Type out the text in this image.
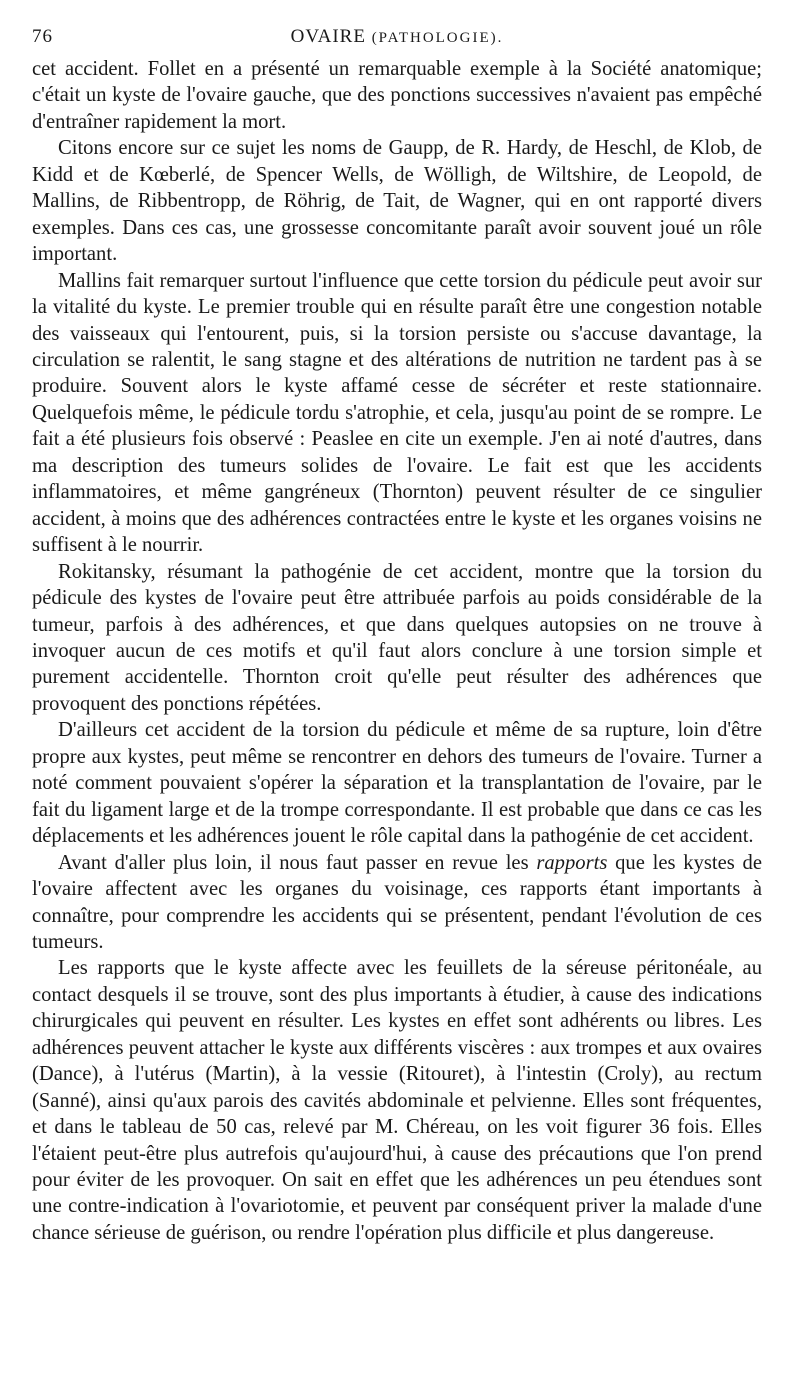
76	OVAIRE (PATHOLOGIE).

cet accident. Follet en a présenté un remarquable exemple à la Société anatomique; c'était un kyste de l'ovaire gauche, que des ponctions successives n'avaient pas empêché d'entraîner rapidement la mort.

Citons encore sur ce sujet les noms de Gaupp, de R. Hardy, de Heschl, de Klob, de Kidd et de Kœberlé, de Spencer Wells, de Wölligh, de Wiltshire, de Leopold, de Mallins, de Ribbentropp, de Röhrig, de Tait, de Wagner, qui en ont rapporté divers exemples. Dans ces cas, une grossesse concomitante paraît avoir souvent joué un rôle important.

Mallins fait remarquer surtout l'influence que cette torsion du pédicule peut avoir sur la vitalité du kyste. Le premier trouble qui en résulte paraît être une congestion notable des vaisseaux qui l'entourent, puis, si la torsion persiste ou s'accuse davantage, la circulation se ralentit, le sang stagne et des altérations de nutrition ne tardent pas à se produire. Souvent alors le kyste affamé cesse de sécréter et reste stationnaire. Quelquefois même, le pédicule tordu s'atrophie, et cela, jusqu'au point de se rompre. Le fait a été plusieurs fois observé : Peaslee en cite un exemple. J'en ai noté d'autres, dans ma description des tumeurs solides de l'ovaire. Le fait est que les accidents inflammatoires, et même gangréneux (Thornton) peuvent résulter de ce singulier accident, à moins que des adhérences contractées entre le kyste et les organes voisins ne suffisent à le nourrir.

Rokitansky, résumant la pathogénie de cet accident, montre que la torsion du pédicule des kystes de l'ovaire peut être attribuée parfois au poids considérable de la tumeur, parfois à des adhérences, et que dans quelques autopsies on ne trouve à invoquer aucun de ces motifs et qu'il faut alors conclure à une torsion simple et purement accidentelle. Thornton croit qu'elle peut résulter des adhérences que provoquent des ponctions répétées.

D'ailleurs cet accident de la torsion du pédicule et même de sa rupture, loin d'être propre aux kystes, peut même se rencontrer en dehors des tumeurs de l'ovaire. Turner a noté comment pouvaient s'opérer la séparation et la transplantation de l'ovaire, par le fait du ligament large et de la trompe correspondante. Il est probable que dans ce cas les déplacements et les adhérences jouent le rôle capital dans la pathogénie de cet accident.

Avant d'aller plus loin, il nous faut passer en revue les rapports que les kystes de l'ovaire affectent avec les organes du voisinage, ces rapports étant importants à connaître, pour comprendre les accidents qui se présentent, pendant l'évolution de ces tumeurs.

Les rapports que le kyste affecte avec les feuillets de la séreuse péritonéale, au contact desquels il se trouve, sont des plus importants à étudier, à cause des indications chirurgicales qui peuvent en résulter. Les kystes en effet sont adhérents ou libres. Les adhérences peuvent attacher le kyste aux différents viscères : aux trompes et aux ovaires (Dance), à l'utérus (Martin), à la vessie (Ritouret), à l'intestin (Croly), au rectum (Sanné), ainsi qu'aux parois des cavités abdominale et pelvienne. Elles sont fréquentes, et dans le tableau de 50 cas, relevé par M. Chéreau, on les voit figurer 36 fois. Elles l'étaient peut-être plus autrefois qu'aujourd'hui, à cause des précautions que l'on prend pour éviter de les provoquer. On sait en effet que les adhérences un peu étendues sont une contre-indication à l'ovariotomie, et peuvent par conséquent priver la malade d'une chance sérieuse de guérison, ou rendre l'opération plus difficile et plus dangereuse.
